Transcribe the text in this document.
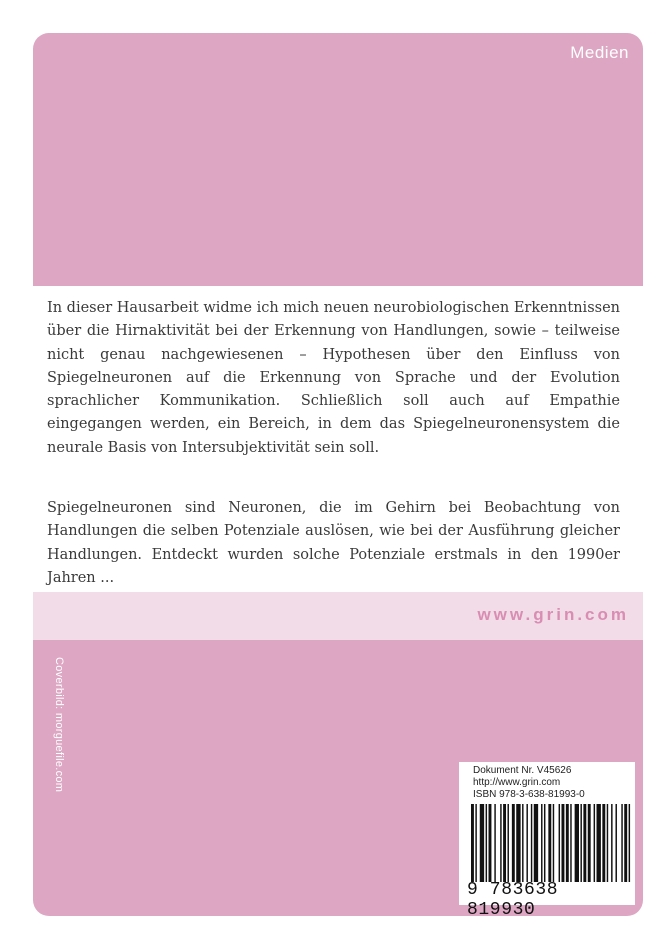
Medien

In dieser Hausarbeit widme ich mich neuen neurobiologischen Erkenntnissen über die Hirnaktivität bei der Erkennung von Handlungen, sowie – teilweise nicht genau nachgewiesenen – Hypothesen über den Einfluss von Spiegelneuronen auf die Erkennung von Sprache und der Evolution sprachlicher Kommunikation. Schließlich soll auch auf Empathie eingegangen werden, ein Bereich, in dem das Spiegelneuronensystem die neurale Basis von Intersubjektivität sein soll.

Spiegelneuronen sind Neuronen, die im Gehirn bei Beobachtung von Handlungen die selben Potenziale auslösen, wie bei der Ausführung gleicher Handlungen. Entdeckt wurden solche Potenziale erstmals in den 1990er Jahren ...

www.grin.com
Coverbild: morguefile.com	Dokument Nr. V45626
http://www.grin.com
ISBN 978-3-638-81993-0
9 783638 819930
